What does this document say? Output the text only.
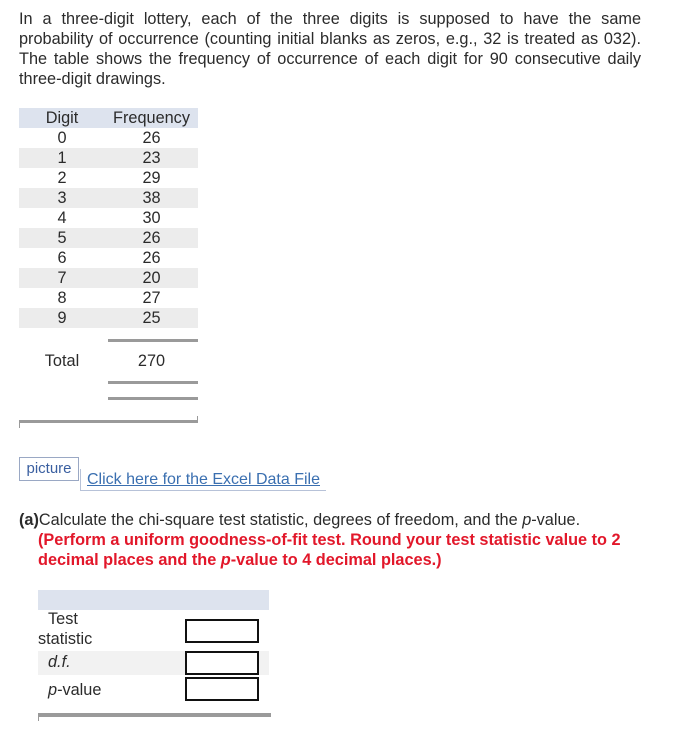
In a three-digit lottery, each of the three digits is supposed to have the same probability of occurrence (counting initial blanks as zeros, e.g., 32 is treated as 032). The table shows the frequency of occurrence of each digit for 90 consecutive daily three-digit drawings.

Digit	Frequency
0	26
1	23
2	29
3	38
4	30
5	26
6	26
7	20
8	27
9	25
Total	270
picture
Click here for the Excel Data File

(a)Calculate the chi-square test statistic, degrees of freedom, and the p-value.

(Perform a uniform goodness-of-fit test. Round your test statistic value to 2 decimal places and the p-value to 4 decimal places.)

Test
statistic
d.f.
p-value
